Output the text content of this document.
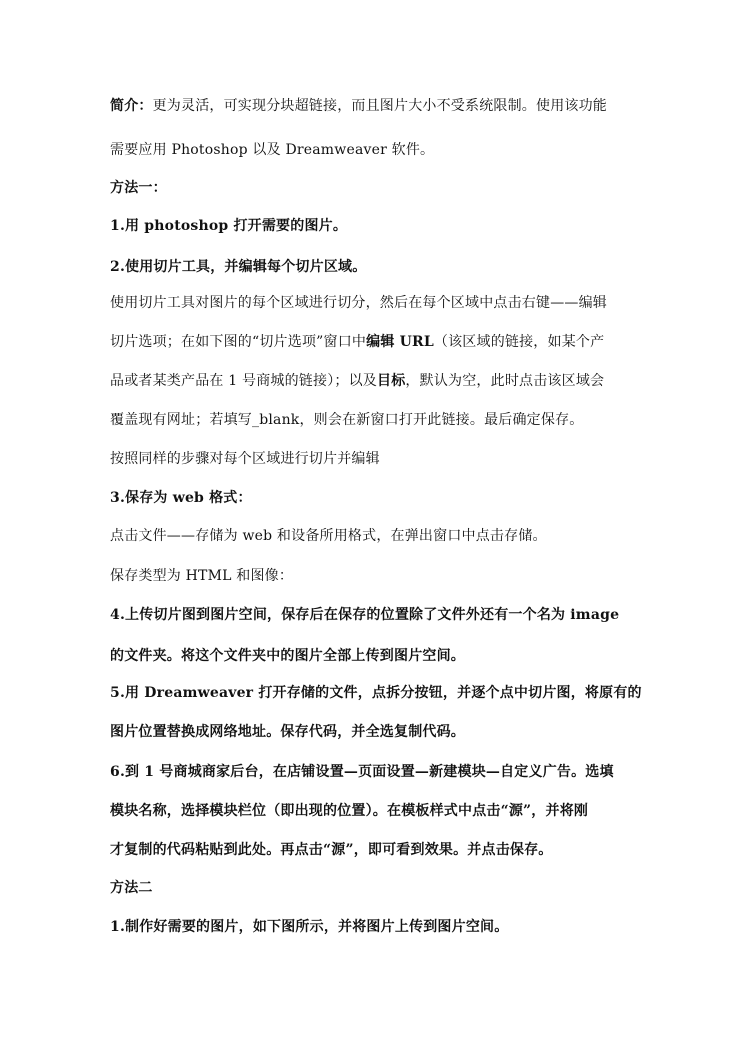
简介：更为灵活，可实现分块超链接，而且图片大小不受系统限制。使用该功能
需要应用 Photoshop 以及 Dreamweaver 软件。
方法一：
1.用 photoshop 打开需要的图片。
2.使用切片工具，并编辑每个切片区域。
使用切片工具对图片的每个区域进行切分，然后在每个区域中点击右键——编辑
切片选项；在如下图的“切片选项”窗口中编辑 URL（该区域的链接，如某个产
品或者某类产品在 1 号商城的链接）；以及目标，默认为空，此时点击该区域会
覆盖现有网址；若填写_blank，则会在新窗口打开此链接。最后确定保存。
按照同样的步骤对每个区域进行切片并编辑
3.保存为 web 格式：
点击文件——存储为 web 和设备所用格式，在弹出窗口中点击存储。
保存类型为 HTML 和图像：
4.上传切片图到图片空间，保存后在保存的位置除了文件外还有一个名为 image
的文件夹。将这个文件夹中的图片全部上传到图片空间。
5.用 Dreamweaver 打开存储的文件，点拆分按钮，并逐个点中切片图，将原有的
图片位置替换成网络地址。保存代码，并全选复制代码。
6.到 1 号商城商家后台，在店铺设置—页面设置—新建模块—自定义广告。选填
模块名称，选择模块栏位（即出现的位置）。在模板样式中点击“源”，并将刚
才复制的代码粘贴到此处。再点击“源”，即可看到效果。并点击保存。
方法二
1.制作好需要的图片，如下图所示，并将图片上传到图片空间。
